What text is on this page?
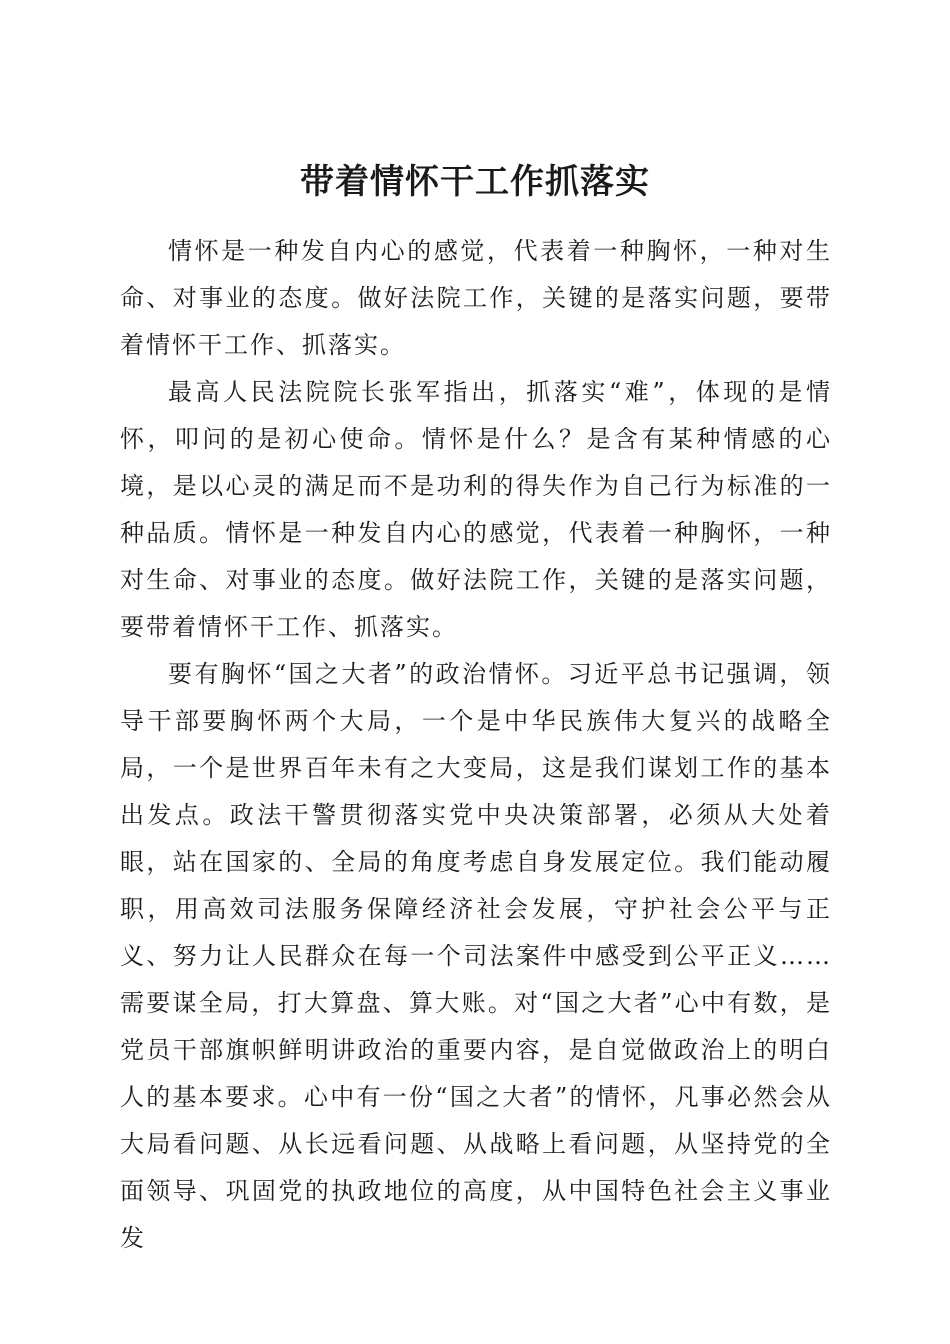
带着情怀干工作抓落实

情怀是一种发自内心的感觉，代表着一种胸怀，一种对生命、对事业的态度。做好法院工作，关键的是落实问题，要带着情怀干工作、抓落实。

最高人民法院院长张军指出，抓落实“难”，体现的是情怀，叩问的是初心使命。情怀是什么？是含有某种情感的心境，是以心灵的满足而不是功利的得失作为自己行为标准的一种品质。情怀是一种发自内心的感觉，代表着一种胸怀，一种对生命、对事业的态度。做好法院工作，关键的是落实问题，要带着情怀干工作、抓落实。

要有胸怀“国之大者”的政治情怀。习近平总书记强调，领导干部要胸怀两个大局，一个是中华民族伟大复兴的战略全局，一个是世界百年未有之大变局，这是我们谋划工作的基本出发点。政法干警贯彻落实党中央决策部署，必须从大处着眼，站在国家的、全局的角度考虑自身发展定位。我们能动履职，用高效司法服务保障经济社会发展，守护社会公平与正义、努力让人民群众在每一个司法案件中感受到公平正义……需要谋全局，打大算盘、算大账。对“国之大者”心中有数，是党员干部旗帜鲜明讲政治的重要内容，是自觉做政治上的明白人的基本要求。心中有一份“国之大者”的情怀，凡事必然会从大局看问题、从长远看问题、从战略上看问题，从坚持党的全面领导、巩固党的执政地位的高度，从中国特色社会主义事业发
